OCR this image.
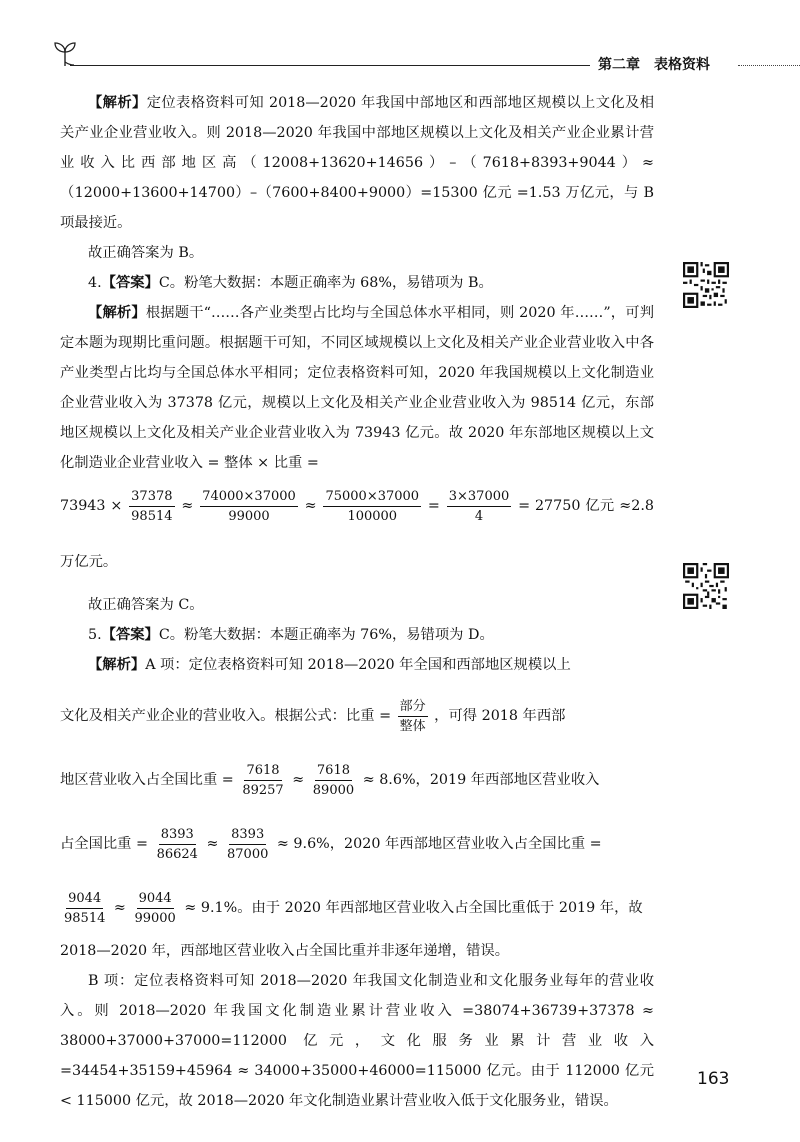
第二章 表格资料

【解析】定位表格资料可知 2018—2020 年我国中部地区和西部地区规模以上文化及相关产业企业营业收入。则 2018—2020 年我国中部地区规模以上文化及相关产业企业累计营业收入比西部地区高（12008+13620+14656）–（7618+8393+9044）≈（12000+13600+14700）–（7600+8400+9000）=15300 亿元 =1.53 万亿元，与 B 项最接近。

故正确答案为 B。

4.【答案】C。粉笔大数据：本题正确率为 68%，易错项为 B。

【解析】根据题干“……各产业类型占比均与全国总体水平相同，则 2020 年……”，可判定本题为现期比重问题。根据题干可知，不同区域规模以上文化及相关产业企业营业收入中各产业类型占比均与全国总体水平相同；定位表格资料可知，2020 年我国规模以上文化制造业企业营业收入为 37378 亿元，规模以上文化及相关产业企业营业收入为 98514 亿元，东部地区规模以上文化及相关产业企业营业收入为 73943 亿元。故 2020 年东部地区规模以上文化制造业企业营业收入 = 整体 × 比重 =

$73943 \times \frac{37378}{98514} \approx \frac{74000\times 37000}{99000} \approx \frac{75000\times 37000}{100000} = \frac{3\times 37000}{4} = 27750$ 亿元 ≈2.8 万亿元。

故正确答案为 C。

5.【答案】C。粉笔大数据：本题正确率为 76%，易错项为 D。

【解析】A 项：定位表格资料可知 2018—2020 年全国和西部地区规模以上

文化及相关产业企业的营业收入。根据公式：比重 = $\frac{\text{部分}}{\text{整体}}$ ，可得 2018 年西部

地区营业收入占全国比重 = $\frac{7618}{89257} \approx \frac{7618}{89000} \approx 8.6\%$，2019 年西部地区营业收入

占全国比重 = $\frac{8393}{86624} \approx \frac{8393}{87000} \approx 9.6\%$，2020 年西部地区营业收入占全国比重 =

$\frac{9044}{98514} \approx \frac{9044}{99000} \approx 9.1\%$。由于 2020 年西部地区营业收入占全国比重低于 2019 年，故

2018—2020 年，西部地区营业收入占全国比重并非逐年递增，错误。

B 项：定位表格资料可知 2018—2020 年我国文化制造业和文化服务业每年的营业收入。则 2018—2020 年我国文化制造业累计营业收入 =38074+36739+37378 ≈ 38000+37000+37000=112000 亿元，文化服务业累计营业收入 =34454+35159+45964 ≈ 34000+35000+46000=115000 亿元。由于 112000 亿元 < 115000 亿元，故 2018—2020 年文化制造业累计营业收入低于文化服务业，错误。

163
